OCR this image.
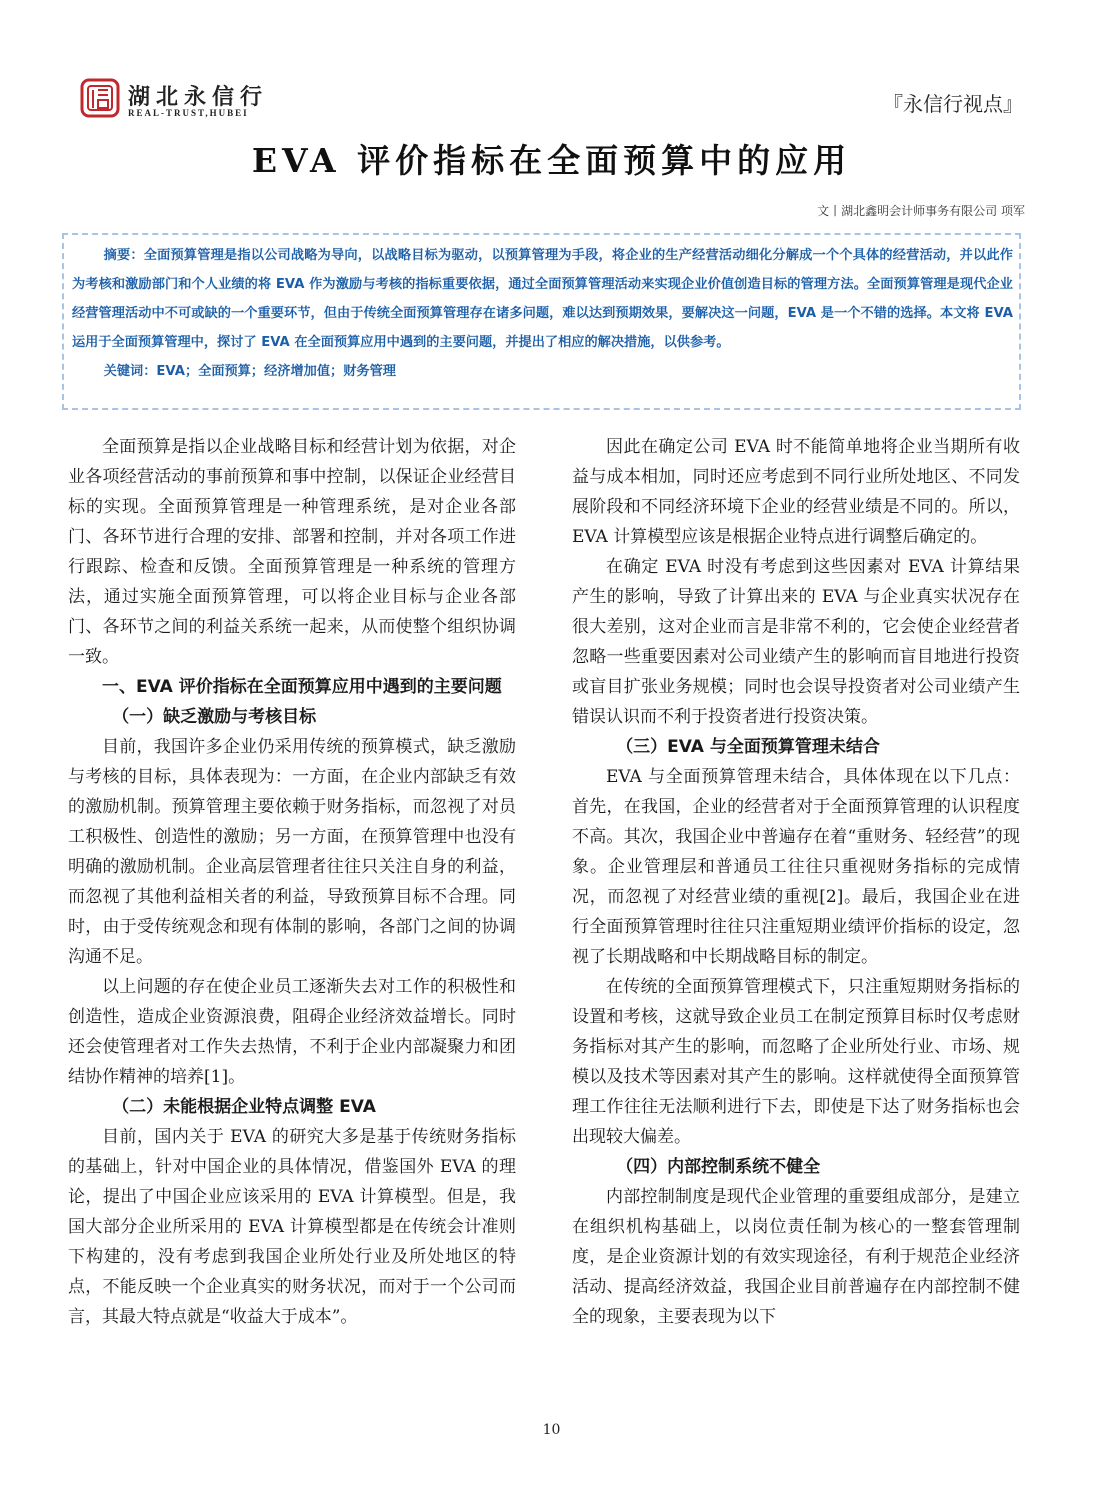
湖北永信行
REAL-TRUST,HUBEI	『永信行视点』
EVA 评价指标在全面预算中的应用
文丨湖北鑫明会计师事务有限公司 项军

摘要：全面预算管理是指以公司战略为导向，以战略目标为驱动，以预算管理为手段，将企业的生产经营活动细化分解成一个个具体的经营活动，并以此作为考核和激励部门和个人业绩的将 EVA 作为激励与考核的指标重要依据，通过全面预算管理活动来实现企业价值创造目标的管理方法。全面预算管理是现代企业经营管理活动中不可或缺的一个重要环节，但由于传统全面预算管理存在诸多问题，难以达到预期效果，要解决这一问题，EVA 是一个不错的选择。本文将 EVA 运用于全面预算管理中，探讨了 EVA 在全面预算应用中遇到的主要问题，并提出了相应的解决措施，以供参考。

关键词：EVA；全面预算；经济增加值；财务管理

全面预算是指以企业战略目标和经营计划为依据，对企业各项经营活动的事前预算和事中控制，以保证企业经营目标的实现。全面预算管理是一种管理系统，是对企业各部门、各环节进行合理的安排、部署和控制，并对各项工作进行跟踪、检查和反馈。全面预算管理是一种系统的管理方法，通过实施全面预算管理，可以将企业目标与企业各部门、各环节之间的利益关系统一起来，从而使整个组织协调一致。

一、EVA 评价指标在全面预算应用中遇到的主要问题
（一）缺乏激励与考核目标

目前，我国许多企业仍采用传统的预算模式，缺乏激励与考核的目标，具体表现为：一方面，在企业内部缺乏有效的激励机制。预算管理主要依赖于财务指标，而忽视了对员工积极性、创造性的激励；另一方面，在预算管理中也没有明确的激励机制。企业高层管理者往往只关注自身的利益，而忽视了其他利益相关者的利益，导致预算目标不合理。同时，由于受传统观念和现有体制的影响，各部门之间的协调沟通不足。

以上问题的存在使企业员工逐渐失去对工作的积极性和创造性，造成企业资源浪费，阻碍企业经济效益增长。同时还会使管理者对工作失去热情，不利于企业内部凝聚力和团结协作精神的培养[1]。

（二）未能根据企业特点调整 EVA

目前，国内关于 EVA 的研究大多是基于传统财务指标的基础上，针对中国企业的具体情况，借鉴国外 EVA 的理论，提出了中国企业应该采用的 EVA 计算模型。但是，我国大部分企业所采用的 EVA 计算模型都是在传统会计准则下构建的，没有考虑到我国企业所处行业及所处地区的特点，不能反映一个企业真实的财务状况，而对于一个公司而言，其最大特点就是“收益大于成本”。

因此在确定公司 EVA 时不能简单地将企业当期所有收益与成本相加，同时还应考虑到不同行业所处地区、不同发展阶段和不同经济环境下企业的经营业绩是不同的。所以，EVA 计算模型应该是根据企业特点进行调整后确定的。

在确定 EVA 时没有考虑到这些因素对 EVA 计算结果产生的影响，导致了计算出来的 EVA 与企业真实状况存在很大差别，这对企业而言是非常不利的，它会使企业经营者忽略一些重要因素对公司业绩产生的影响而盲目地进行投资或盲目扩张业务规模；同时也会误导投资者对公司业绩产生错误认识而不利于投资者进行投资决策。

（三）EVA 与全面预算管理未结合

EVA 与全面预算管理未结合，具体体现在以下几点：首先，在我国，企业的经营者对于全面预算管理的认识程度不高。其次，我国企业中普遍存在着“重财务、轻经营”的现象。企业管理层和普通员工往往只重视财务指标的完成情况，而忽视了对经营业绩的重视[2]。最后，我国企业在进行全面预算管理时往往只注重短期业绩评价指标的设定，忽视了长期战略和中长期战略目标的制定。

在传统的全面预算管理模式下，只注重短期财务指标的设置和考核，这就导致企业员工在制定预算目标时仅考虑财务指标对其产生的影响，而忽略了企业所处行业、市场、规模以及技术等因素对其产生的影响。这样就使得全面预算管理工作往往无法顺利进行下去，即使是下达了财务指标也会出现较大偏差。

（四）内部控制系统不健全

内部控制制度是现代企业管理的重要组成部分，是建立在组织机构基础上，以岗位责任制为核心的一整套管理制度，是企业资源计划的有效实现途径，有利于规范企业经济活动、提高经济效益，我国企业目前普遍存在内部控制不健全的现象，主要表现为以下

10
